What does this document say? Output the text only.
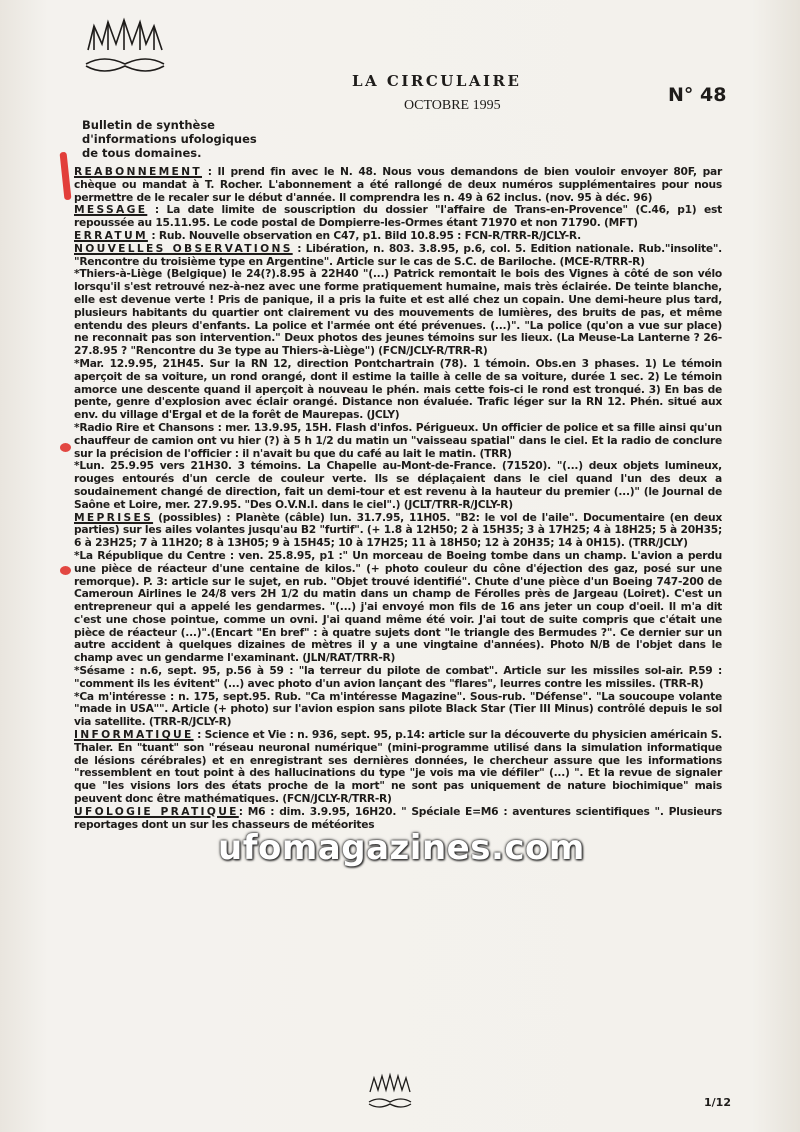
LA CIRCULAIRE
OCTOBRE 1995	N° 48
Bulletin de synthèse
d'informations ufologiques
de tous domaines.

REABONNEMENT : Il prend fin avec le N. 48. Nous vous demandons de bien vouloir envoyer 80F, par chèque ou mandat à T. Rocher. L'abonnement a été rallongé de deux numéros supplémentaires pour nous permettre de le recaler sur le début d'année. Il comprendra les n. 49 à 62 inclus. (nov. 95 à déc. 96)

MESSAGE : La date limite de souscription du dossier "l'affaire de Trans-en-Provence" (C.46, p1) est repoussée au 15.11.95. Le code postal de Dompierre-les-Ormes étant 71970 et non 71790. (MFT)

ERRATUM : Rub. Nouvelle observation en C47, p1. Bild 10.8.95 : FCN-R/TRR-R/JCLY-R.

NOUVELLES OBSERVATIONS : Libération, n. 803. 3.8.95, p.6, col. 5. Edition nationale. Rub."insolite". "Rencontre du troisième type en Argentine". Article sur le cas de S.C. de Bariloche. (MCE-R/TRR-R)

*Thiers-à-Liège (Belgique) le 24(?).8.95 à 22H40 "(...) Patrick remontait le bois des Vignes à côté de son vélo lorsqu'il s'est retrouvé nez-à-nez avec une forme pratiquement humaine, mais très éclairée. De teinte blanche, elle est devenue verte ! Pris de panique, il a pris la fuite et est allé chez un copain. Une demi-heure plus tard, plusieurs habitants du quartier ont clairement vu des mouvements de lumières, des bruits de pas, et même entendu des pleurs d'enfants. La police et l'armée ont été prévenues. (...)". "La police (qu'on a vue sur place) ne reconnait pas son intervention." Deux photos des jeunes témoins sur les lieux. (La Meuse-La Lanterne ? 26-27.8.95 ? "Rencontre du 3e type au Thiers-à-Liège") (FCN/JCLY-R/TRR-R)

*Mar. 12.9.95, 21H45. Sur la RN 12, direction Pontchartrain (78). 1 témoin. Obs.en 3 phases. 1) Le témoin aperçoit de sa voiture, un rond orangé, dont il estime la taille à celle de sa voiture, durée 1 sec. 2) Le témoin amorce une descente quand il aperçoit à nouveau le phén. mais cette fois-ci le rond est tronqué. 3) En bas de pente, genre d'explosion avec éclair orangé. Distance non évaluée. Trafic léger sur la RN 12. Phén. situé aux env. du village d'Ergal et de la forêt de Maurepas. (JCLY)

*Radio Rire et Chansons : mer. 13.9.95, 15H. Flash d'infos. Périgueux. Un officier de police et sa fille ainsi qu'un chauffeur de camion ont vu hier (?) à 5 h 1/2 du matin un "vaisseau spatial" dans le ciel. Et la radio de conclure sur la précision de l'officier : il n'avait bu que du café au lait le matin. (TRR)

*Lun. 25.9.95 vers 21H30. 3 témoins. La Chapelle au-Mont-de-France. (71520). "(...) deux objets lumineux, rouges entourés d'un cercle de couleur verte. Ils se déplaçaient dans le ciel quand l'un des deux a soudainement changé de direction, fait un demi-tour et est revenu à la hauteur du premier (...)" (le Journal de Saône et Loire, mer. 27.9.95. "Des O.V.N.I. dans le ciel".) (JCLT/TRR-R/JCLY-R)

MEPRISES (possibles) : Planète (câble) lun. 31.7.95, 11H05. "B2: le vol de l'aile". Documentaire (en deux parties) sur les ailes volantes jusqu'au B2 "furtif". (+ 1.8 à 12H50; 2 à 15H35; 3 à 17H25; 4 à 18H25; 5 à 20H35; 6 à 23H25; 7 à 11H20; 8 à 13H05; 9 à 15H45; 10 à 17H25; 11 à 18H50; 12 à 20H35; 14 à 0H15). (TRR/JCLY)

*La République du Centre : ven. 25.8.95, p1 :" Un morceau de Boeing tombe dans un champ. L'avion a perdu une pièce de réacteur d'une centaine de kilos." (+ photo couleur du cône d'éjection des gaz, posé sur une remorque). P. 3: article sur le sujet, en rub. "Objet trouvé identifié". Chute d'une pièce d'un Boeing 747-200 de Cameroun Airlines le 24/8 vers 2H 1/2 du matin dans un champ de Férolles près de Jargeau (Loiret). C'est un entrepreneur qui a appelé les gendarmes. "(...) j'ai envoyé mon fils de 16 ans jeter un coup d'oeil. Il m'a dit c'est une chose pointue, comme un ovni. J'ai quand même été voir. J'ai tout de suite compris que c'était une pièce de réacteur (...)".(Encart "En bref" : à quatre sujets dont "le triangle des Bermudes ?". Ce dernier sur un autre accident à quelques dizaines de mètres il y a une vingtaine d'années). Photo N/B de l'objet dans le champ avec un gendarme l'examinant. (JLN/RAT/TRR-R)

*Sésame : n.6, sept. 95, p.56 à 59 : "la terreur du pilote de combat". Article sur les missiles sol-air. P.59 : "comment ils les évitent" (...) avec photo d'un avion lançant des "flares", leurres contre les missiles. (TRR-R)

*Ca m'intéresse : n. 175, sept.95. Rub. "Ca m'intéresse Magazine". Sous-rub. "Défense". "La soucoupe volante "made in USA"". Article (+ photo) sur l'avion espion sans pilote Black Star (Tier III Minus) contrôlé depuis le sol via satellite. (TRR-R/JCLY-R)

INFORMATIQUE : Science et Vie : n. 936, sept. 95, p.14: article sur la découverte du physicien américain S. Thaler. En "tuant" son "réseau neuronal numérique" (mini-programme utilisé dans la simulation informatique de lésions cérébrales) et en enregistrant ses dernières données, le chercheur assure que les informations "ressemblent en tout point à des hallucinations du type "je vois ma vie défiler" (...) ". Et la revue de signaler que "les visions lors des états proche de la mort" ne sont pas uniquement de nature biochimique" mais peuvent donc être mathématiques. (FCN/JCLY-R/TRR-R)

UFOLOGIE PRATIQUE: M6 : dim. 3.9.95, 16H20. " Spéciale E=M6 : aventures scientifiques ". Plusieurs reportages dont un sur les chasseurs de météorites

ufomagazines.com
1/12
